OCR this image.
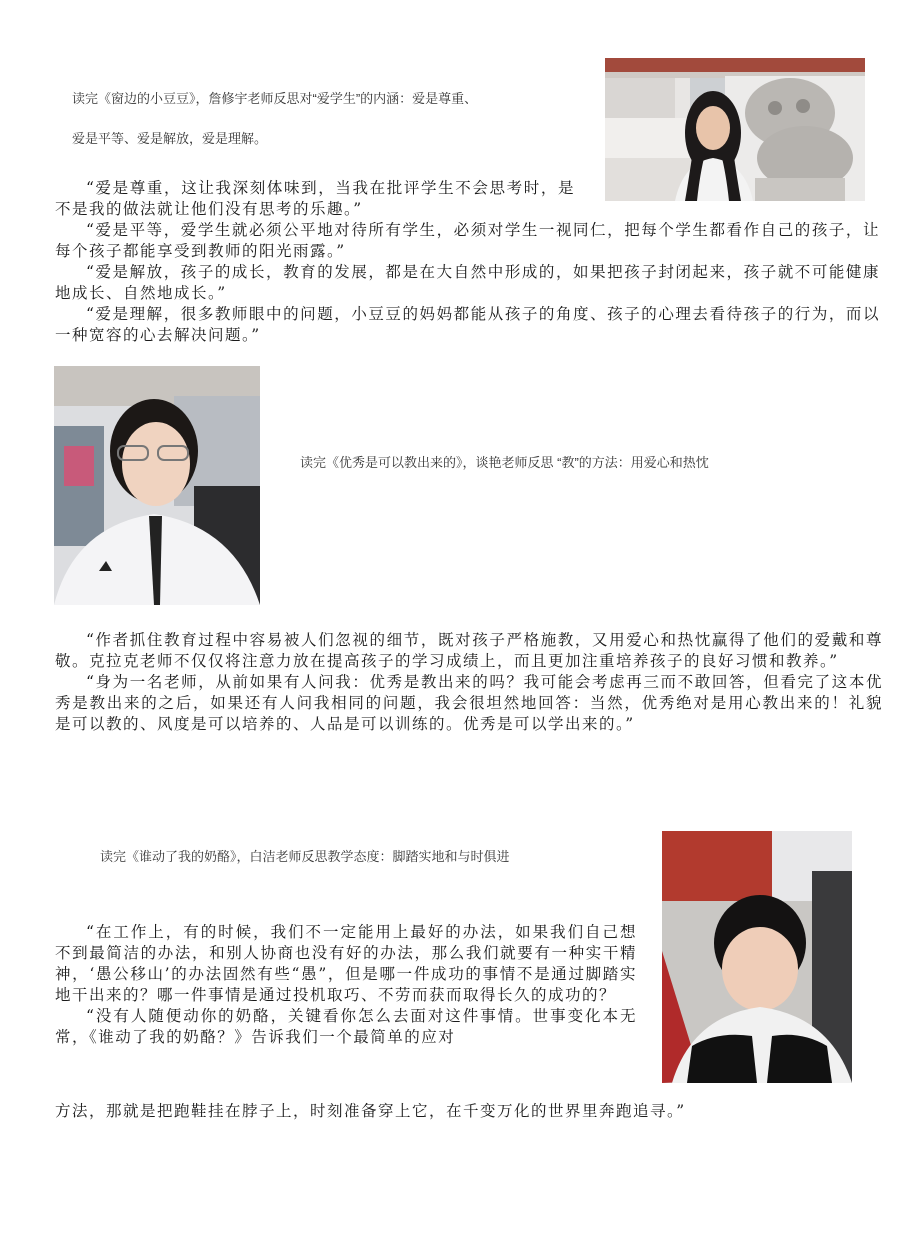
读完《窗边的小豆豆》，詹修宇老师反思对“爱学生”的内涵：爱是尊重、
爱是平等、爱是解放，爱是理解。

“爱是尊重，这让我深刻体味到，当我在批评学生不会思考时，是不是我的做法就让他们没有思考的乐趣。”

“爱是平等，爱学生就必须公平地对待所有学生，必须对学生一视同仁，把每个学生都看作自己的孩子，让每个孩子都能享受到教师的阳光雨露。”

“爱是解放，孩子的成长，教育的发展，都是在大自然中形成的，如果把孩子封闭起来，孩子就不可能健康地成长、自然地成长。”

“爱是理解，很多教师眼中的问题，小豆豆的妈妈都能从孩子的角度、孩子的心理去看待孩子的行为，而以一种宽容的心去解决问题。”

读完《优秀是可以教出来的》，谈艳老师反思 “教”的方法：用爱心和热忱

“作者抓住教育过程中容易被人们忽视的细节，既对孩子严格施教，又用爱心和热忱赢得了他们的爱戴和尊敬。克拉克老师不仅仅将注意力放在提高孩子的学习成绩上，而且更加注重培养孩子的良好习惯和教养。”

“身为一名老师，从前如果有人问我：优秀是教出来的吗？我可能会考虑再三而不敢回答，但看完了这本优秀是教出来的之后，如果还有人问我相同的问题，我会很坦然地回答：当然，优秀绝对是用心教出来的！礼貌是可以教的、风度是可以培养的、人品是可以训练的。优秀是可以学出来的。”

读完《谁动了我的奶酪》，白洁老师反思教学态度：脚踏实地和与时俱进

“在工作上，有的时候，我们不一定能用上最好的办法，如果我们自己想不到最简洁的办法，和别人协商也没有好的办法，那么我们就要有一种实干精神，‘愚公移山’的办法固然有些“愚”，但是哪一件成功的事情不是通过脚踏实地干出来的？哪一件事情是通过投机取巧、不劳而获而取得长久的成功的？

“没有人随便动你的奶酪，关键看你怎么去面对这件事情。世事变化本无常，《谁动了我的奶酪？》告诉我们一个最简单的应对

方法，那就是把跑鞋挂在脖子上，时刻准备穿上它，在千变万化的世界里奔跑追寻。”
